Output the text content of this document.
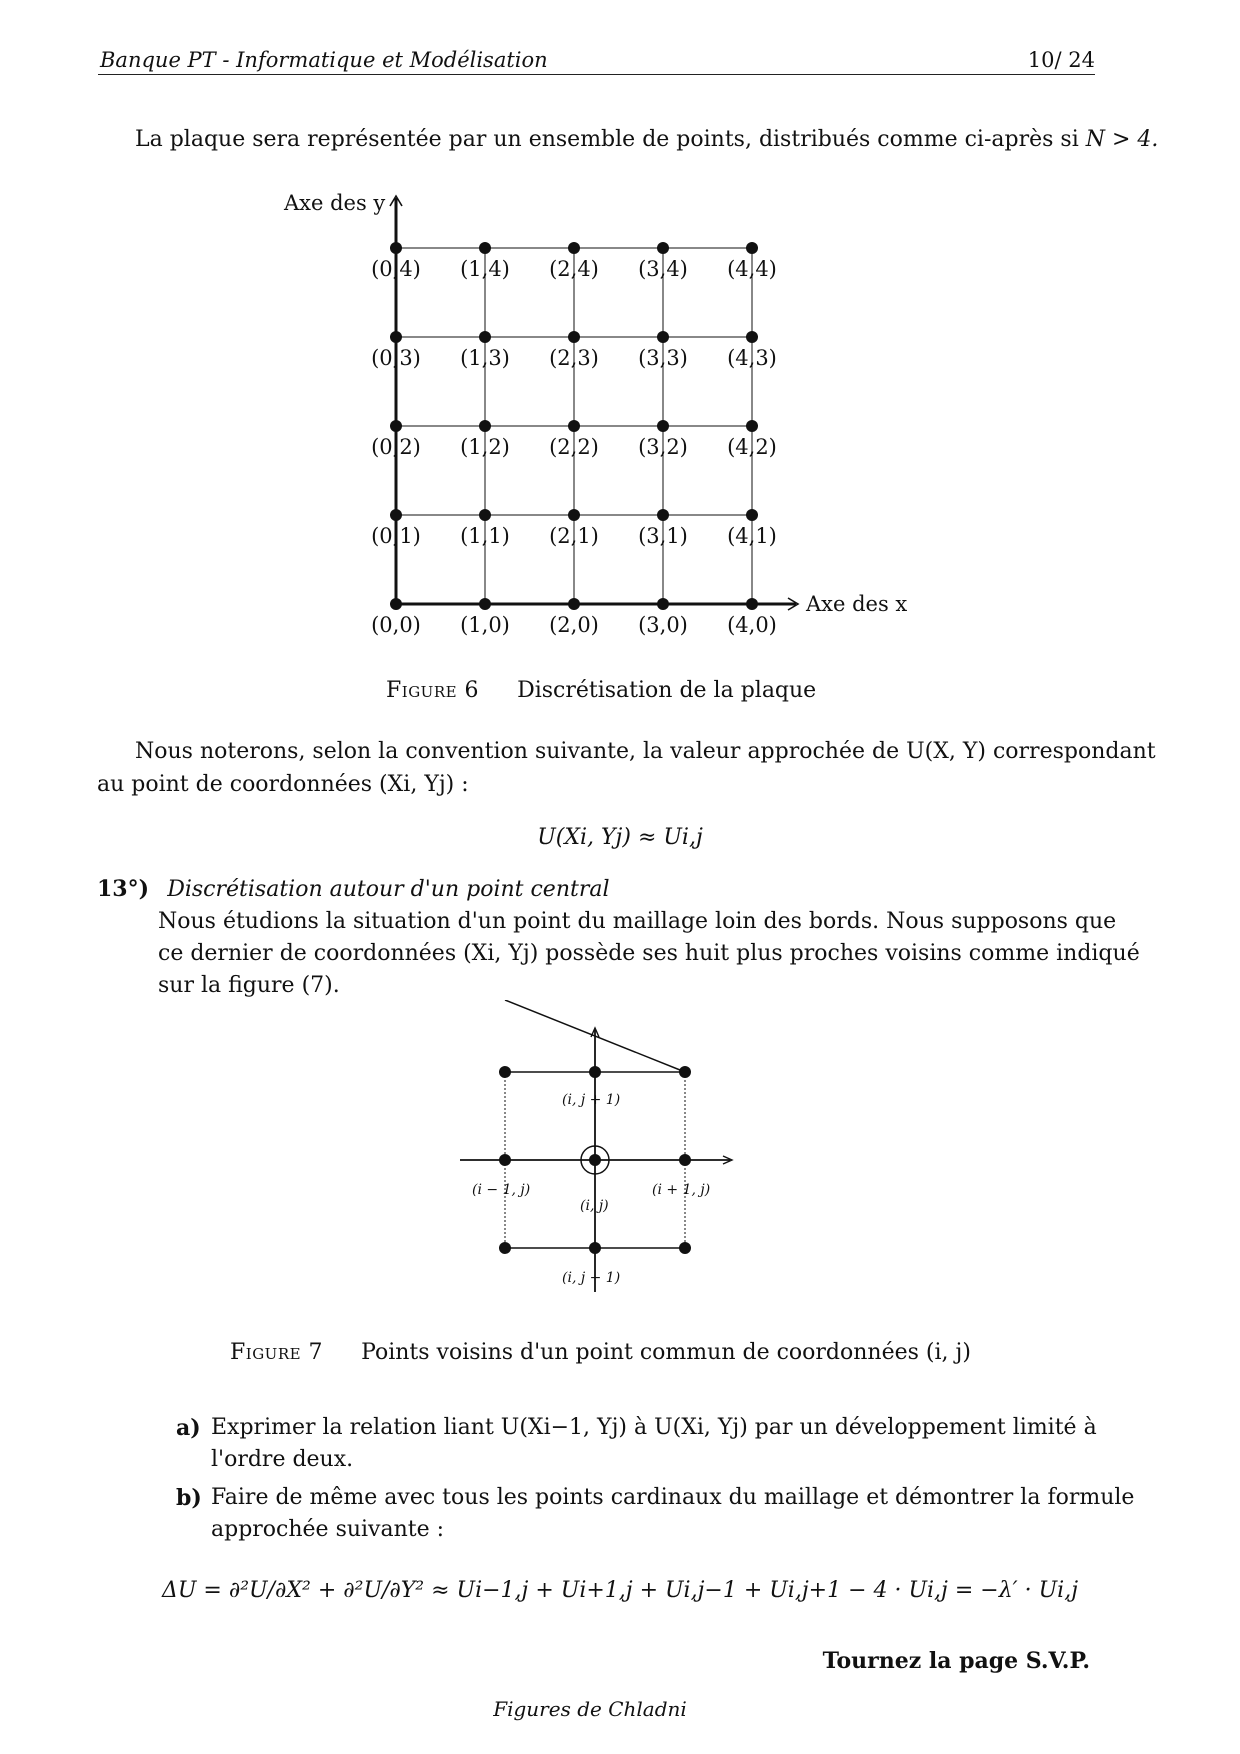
Banque PT - Informatique et Modélisation	10/ 24
La plaque sera représentée par un ensemble de points, distribués comme ci-après si N > 4.
(0,0) (1,0) (2,0) (3,0) (4,0)
(0,1) (1,1) (2,1) (3,1) (4,1)
(0,2) (1,2) (2,2) (3,2) (4,2)
(0,3) (1,3) (2,3) (3,3) (4,3)
(0,4) (1,4) (2,4) (3,4) (4,4)
Axe des y
Axe des x
Figure 6 Discrétisation de la plaque
Nous noterons, selon la convention suivante, la valeur approchée de U(X, Y) correspondant
au point de coordonnées (Xi, Yj) :
U(Xi, Yj) ≈ Ui,j
13°) Discrétisation autour d'un point central
Nous étudions la situation d'un point du maillage loin des bords. Nous supposons que
ce dernier de coordonnées (Xi, Yj) possède ses huit plus proches voisins comme indiqué
sur la figure (7).
(i, j + 1)
(i − 1, j)
(i, j)
(i + 1, j)
(i, j − 1)
Figure 7 Points voisins d'un point commun de coordonnées (i, j)
a) Exprimer la relation liant U(Xi−1, Yj) à U(Xi, Yj) par un développement limité à
l'ordre deux.
b) Faire de même avec tous les points cardinaux du maillage et démontrer la formule
approchée suivante :
ΔU = ∂²U/∂X² + ∂²U/∂Y² ≈ Ui−1,j + Ui+1,j + Ui,j−1 + Ui,j+1 − 4 · Ui,j = −λ′ · Ui,j
Tournez la page S.V.P.
Figures de Chladni
